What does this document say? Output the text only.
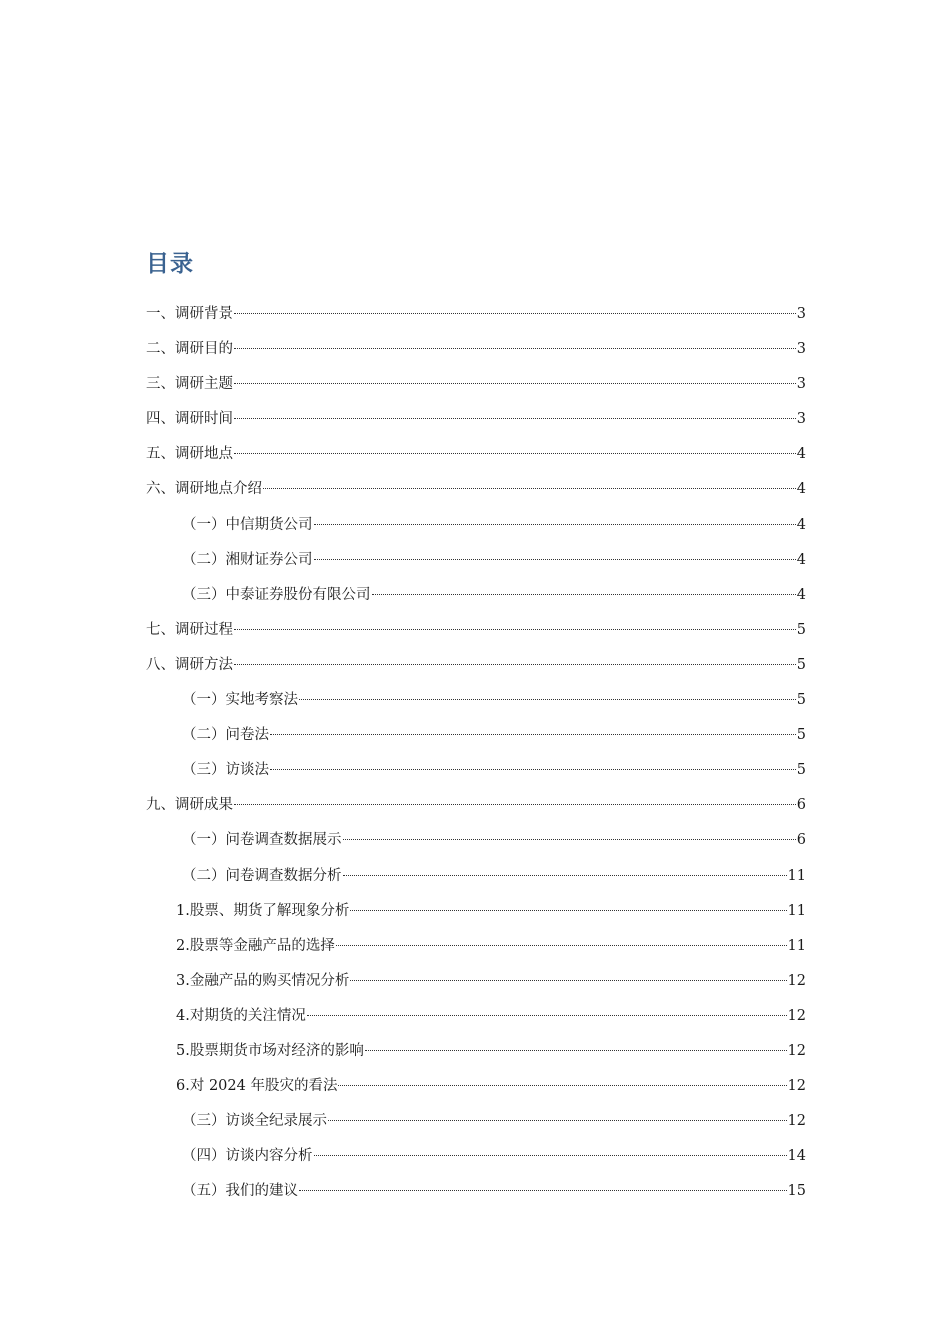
目录
一、调研背景	3
二、调研目的	3
三、调研主题	3
四、调研时间	3
五、调研地点	4
六、调研地点介绍	4
（一）中信期货公司	4
（二）湘财证券公司	4
（三）中泰证券股份有限公司	4
七、调研过程	5
八、调研方法	5
（一）实地考察法	5
（二）问卷法	5
（三）访谈法	5
九、调研成果	6
（一）问卷调查数据展示	6
（二）问卷调查数据分析	11
1.股票、期货了解现象分析	11
2.股票等金融产品的选择	11
3.金融产品的购买情况分析	12
4.对期货的关注情况	12
5.股票期货市场对经济的影响	12
6.对 2024 年股灾的看法	12
（三）访谈全纪录展示	12
（四）访谈内容分析	14
（五）我们的建议	15
